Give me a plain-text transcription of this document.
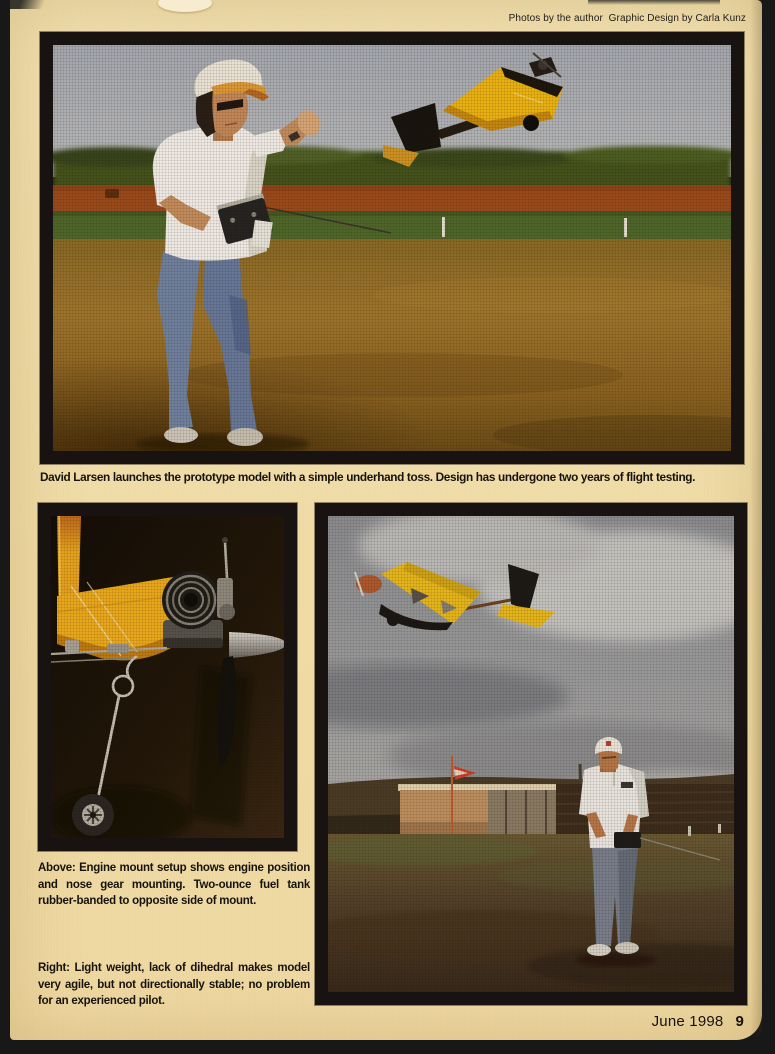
Photos by the author  Graphic Design by Carla Kunz
David Larsen launches the prototype model with a simple underhand toss. Design has undergone two years of flight testing.
Above: Engine mount setup shows engine position and nose gear mounting. Two-ounce fuel tank rubber-banded to opposite side of mount.
Right: Light weight, lack of dihedral makes model very agile, but not directionally stable; no problem for an experienced pilot.
June 1998 9
